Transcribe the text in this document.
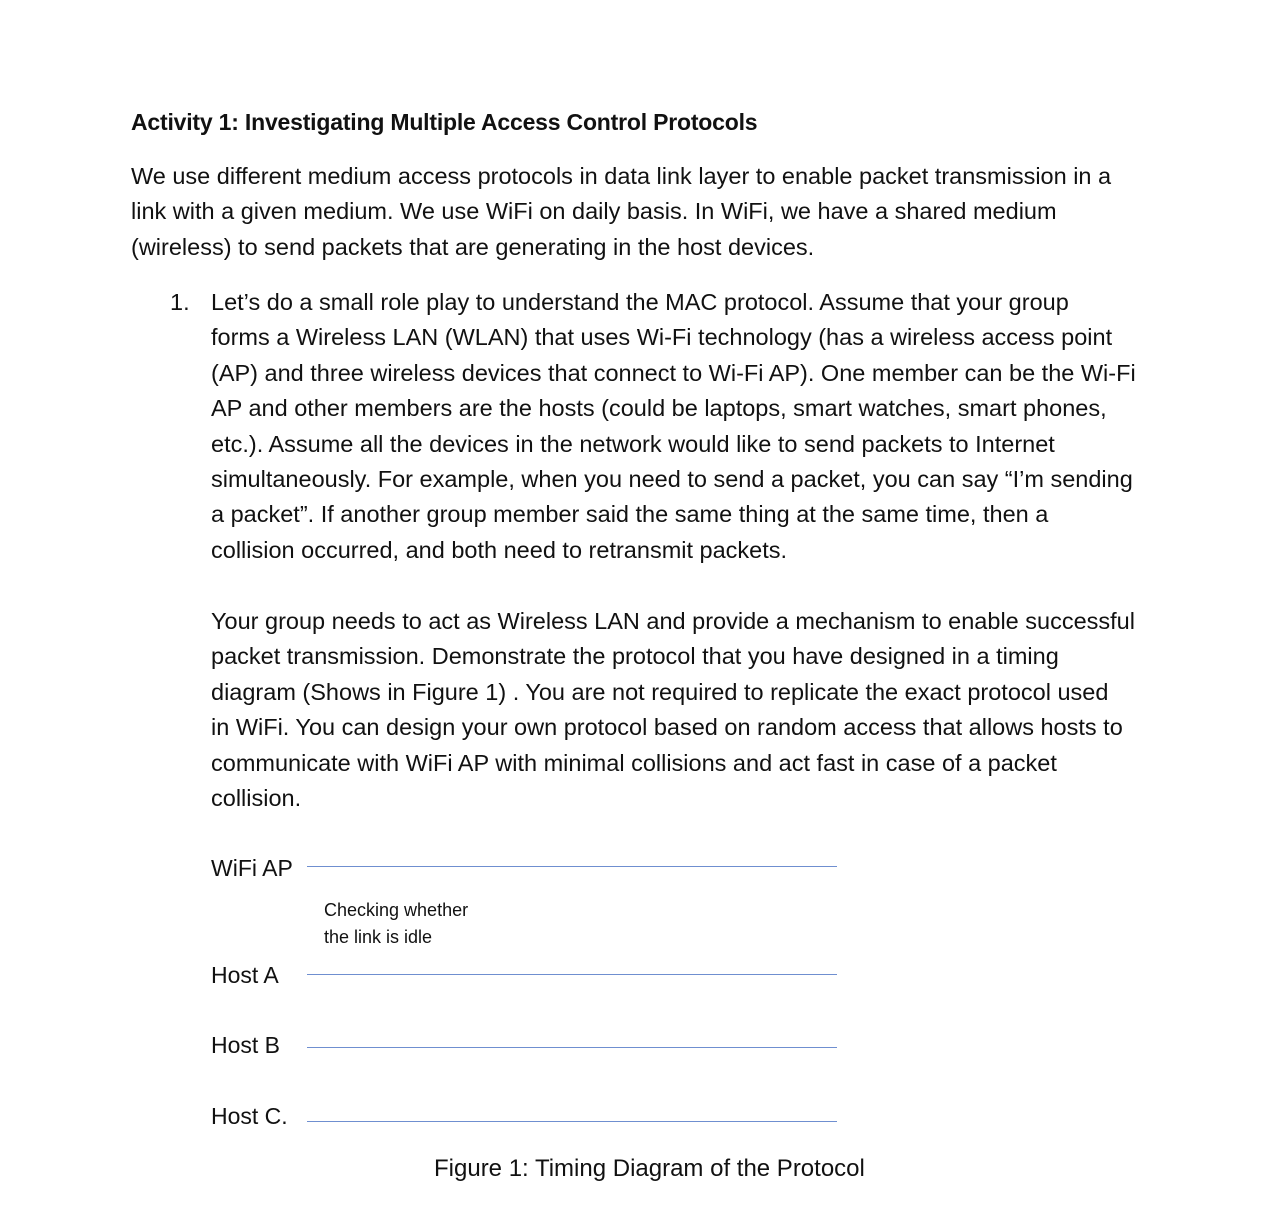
Activity 1: Investigating Multiple Access Control Protocols

We use different medium access protocols in data link layer to enable packet transmission in a
link with a given medium. We use WiFi on daily basis. In WiFi, we have a shared medium
(wireless) to send packets that are generating in the host devices.

1. Let’s do a small role play to understand the MAC protocol. Assume that your group
forms a Wireless LAN (WLAN) that uses Wi-Fi technology (has a wireless access point
(AP) and three wireless devices that connect to Wi-Fi AP). One member can be the Wi-Fi
AP and other members are the hosts (could be laptops, smart watches, smart phones,
etc.). Assume all the devices in the network would like to send packets to Internet
simultaneously. For example, when you need to send a packet, you can say “I’m sending
a packet”. If another group member said the same thing at the same time, then a
collision occurred, and both need to retransmit packets.

Your group needs to act as Wireless LAN and provide a mechanism to enable successful
packet transmission. Demonstrate the protocol that you have designed in a timing
diagram (Shows in Figure 1) . You are not required to replicate the exact protocol used
in WiFi. You can design your own protocol based on random access that allows hosts to
communicate with WiFi AP with minimal collisions and act fast in case of a packet
collision.

WiFi AP
Checking whether
the link is idle
Host A
Host B
Host C.
Figure 1: Timing Diagram of the Protocol
